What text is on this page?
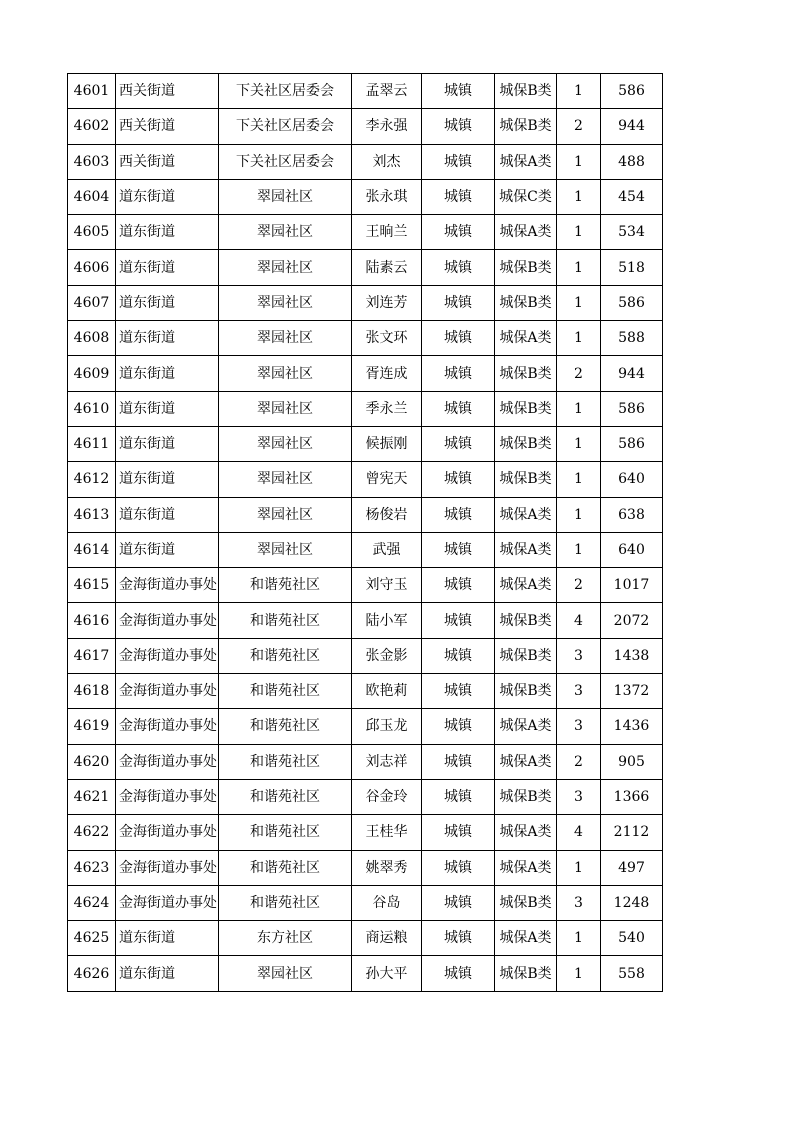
4601	西关街道	下关社区居委会	孟翠云	城镇	城保B类	1	586
4602	西关街道	下关社区居委会	李永强	城镇	城保B类	2	944
4603	西关街道	下关社区居委会	刘杰	城镇	城保A类	1	488
4604	道东街道	翠园社区	张永琪	城镇	城保C类	1	454
4605	道东街道	翠园社区	王晌兰	城镇	城保A类	1	534
4606	道东街道	翠园社区	陆素云	城镇	城保B类	1	518
4607	道东街道	翠园社区	刘连芳	城镇	城保B类	1	586
4608	道东街道	翠园社区	张文环	城镇	城保A类	1	588
4609	道东街道	翠园社区	胥连成	城镇	城保B类	2	944
4610	道东街道	翠园社区	季永兰	城镇	城保B类	1	586
4611	道东街道	翠园社区	候振刚	城镇	城保B类	1	586
4612	道东街道	翠园社区	曾宪天	城镇	城保B类	1	640
4613	道东街道	翠园社区	杨俊岩	城镇	城保A类	1	638
4614	道东街道	翠园社区	武强	城镇	城保A类	1	640
4615	金海街道办事处	和谐苑社区	刘守玉	城镇	城保A类	2	1017
4616	金海街道办事处	和谐苑社区	陆小军	城镇	城保B类	4	2072
4617	金海街道办事处	和谐苑社区	张金影	城镇	城保B类	3	1438
4618	金海街道办事处	和谐苑社区	欧艳莉	城镇	城保B类	3	1372
4619	金海街道办事处	和谐苑社区	邱玉龙	城镇	城保A类	3	1436
4620	金海街道办事处	和谐苑社区	刘志祥	城镇	城保A类	2	905
4621	金海街道办事处	和谐苑社区	谷金玲	城镇	城保B类	3	1366
4622	金海街道办事处	和谐苑社区	王桂华	城镇	城保A类	4	2112
4623	金海街道办事处	和谐苑社区	姚翠秀	城镇	城保A类	1	497
4624	金海街道办事处	和谐苑社区	谷岛	城镇	城保B类	3	1248
4625	道东街道	东方社区	商运粮	城镇	城保A类	1	540
4626	道东街道	翠园社区	孙大平	城镇	城保B类	1	558
